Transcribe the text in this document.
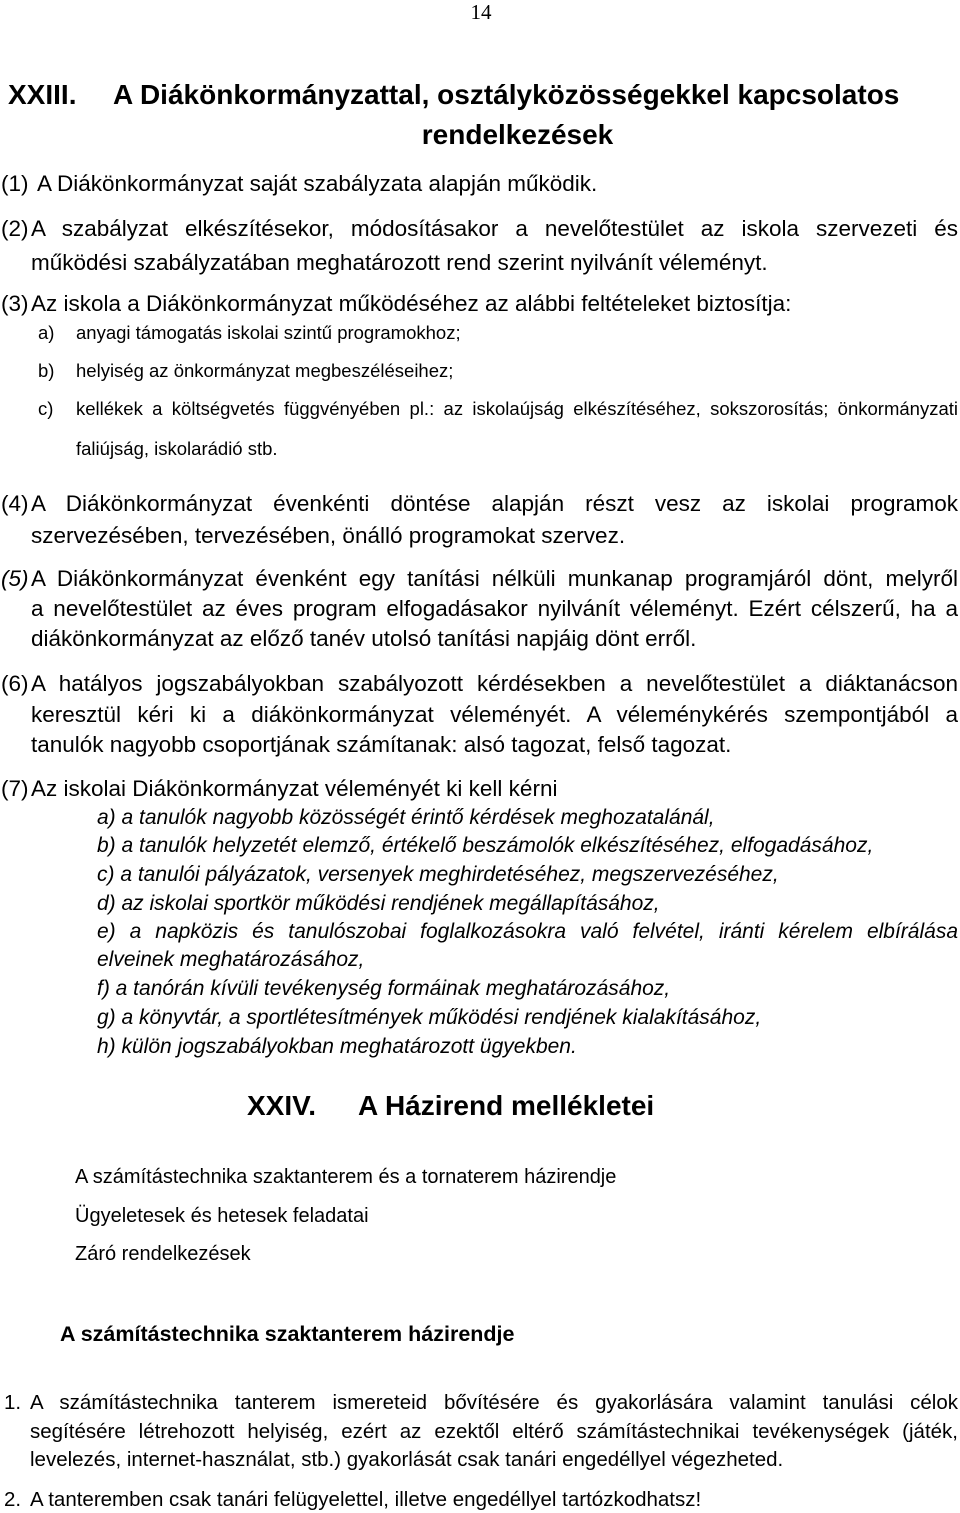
14
XXIII. A Diákönkormányzattal, osztályközösségekkel kapcsolatos
rendelkezések
(1) A Diákönkormányzat saját szabályzata alapján működik.
(2) A szabályzat elkészítésekor, módosításakor a nevelőtestület az iskola szervezeti és
működési szabályzatában meghatározott rend szerint nyilvánít véleményt.
(3) Az iskola a Diákönkormányzat működéséhez az alábbi feltételeket biztosítja:
a) anyagi támogatás iskolai szintű programokhoz;
b) helyiség az önkormányzat megbeszéléseihez;
c) kellékek a költségvetés függvényében pl.: az iskolaújság elkészítéséhez, sokszorosítás; önkormányzati
faliújság, iskolarádió stb.
(4) A Diákönkormányzat évenkénti döntése alapján részt vesz az iskolai programok
szervezésében, tervezésében, önálló programokat szervez.
(5) A Diákönkormányzat évenként egy tanítási nélküli munkanap programjáról dönt, melyről
a nevelőtestület az éves program elfogadásakor nyilvánít véleményt. Ezért célszerű, ha a
diákönkormányzat az előző tanév utolsó tanítási napjáig dönt erről.
(6) A hatályos jogszabályokban szabályozott kérdésekben a nevelőtestület a diáktanácson
keresztül kéri ki a diákönkormányzat véleményét. A véleménykérés szempontjából a
tanulók nagyobb csoportjának számítanak: alsó tagozat, felső tagozat.
(7) Az iskolai Diákönkormányzat véleményét ki kell kérni
a) a tanulók nagyobb közösségét érintő kérdések meghozatalánál,
b) a tanulók helyzetét elemző, értékelő beszámolók elkészítéséhez, elfogadásához,
c) a tanulói pályázatok, versenyek meghirdetéséhez, megszervezéséhez,
d) az iskolai sportkör működési rendjének megállapításához,
e) a napközis és tanulószobai foglalkozásokra való felvétel, iránti kérelem elbírálása
elveinek meghatározásához,
f) a tanórán kívüli tevékenység formáinak meghatározásához,
g) a könyvtár, a sportlétesítmények működési rendjének kialakításához,
h) külön jogszabályokban meghatározott ügyekben.
XXIV. A Házirend mellékletei
A számítástechnika szaktanterem és a tornaterem házirendje
Ügyeletesek és hetesek feladatai
Záró rendelkezések
A számítástechnika szaktanterem házirendje
1. A számítástechnika tanterem ismereteid bővítésére és gyakorlására valamint tanulási célok
segítésére létrehozott helyiség, ezért az ezektől eltérő számítástechnikai tevékenységek (játék,
levelezés, internet-használat, stb.) gyakorlását csak tanári engedéllyel végezheted.
2. A tanteremben csak tanári felügyelettel, illetve engedéllyel tartózkodhatsz!
